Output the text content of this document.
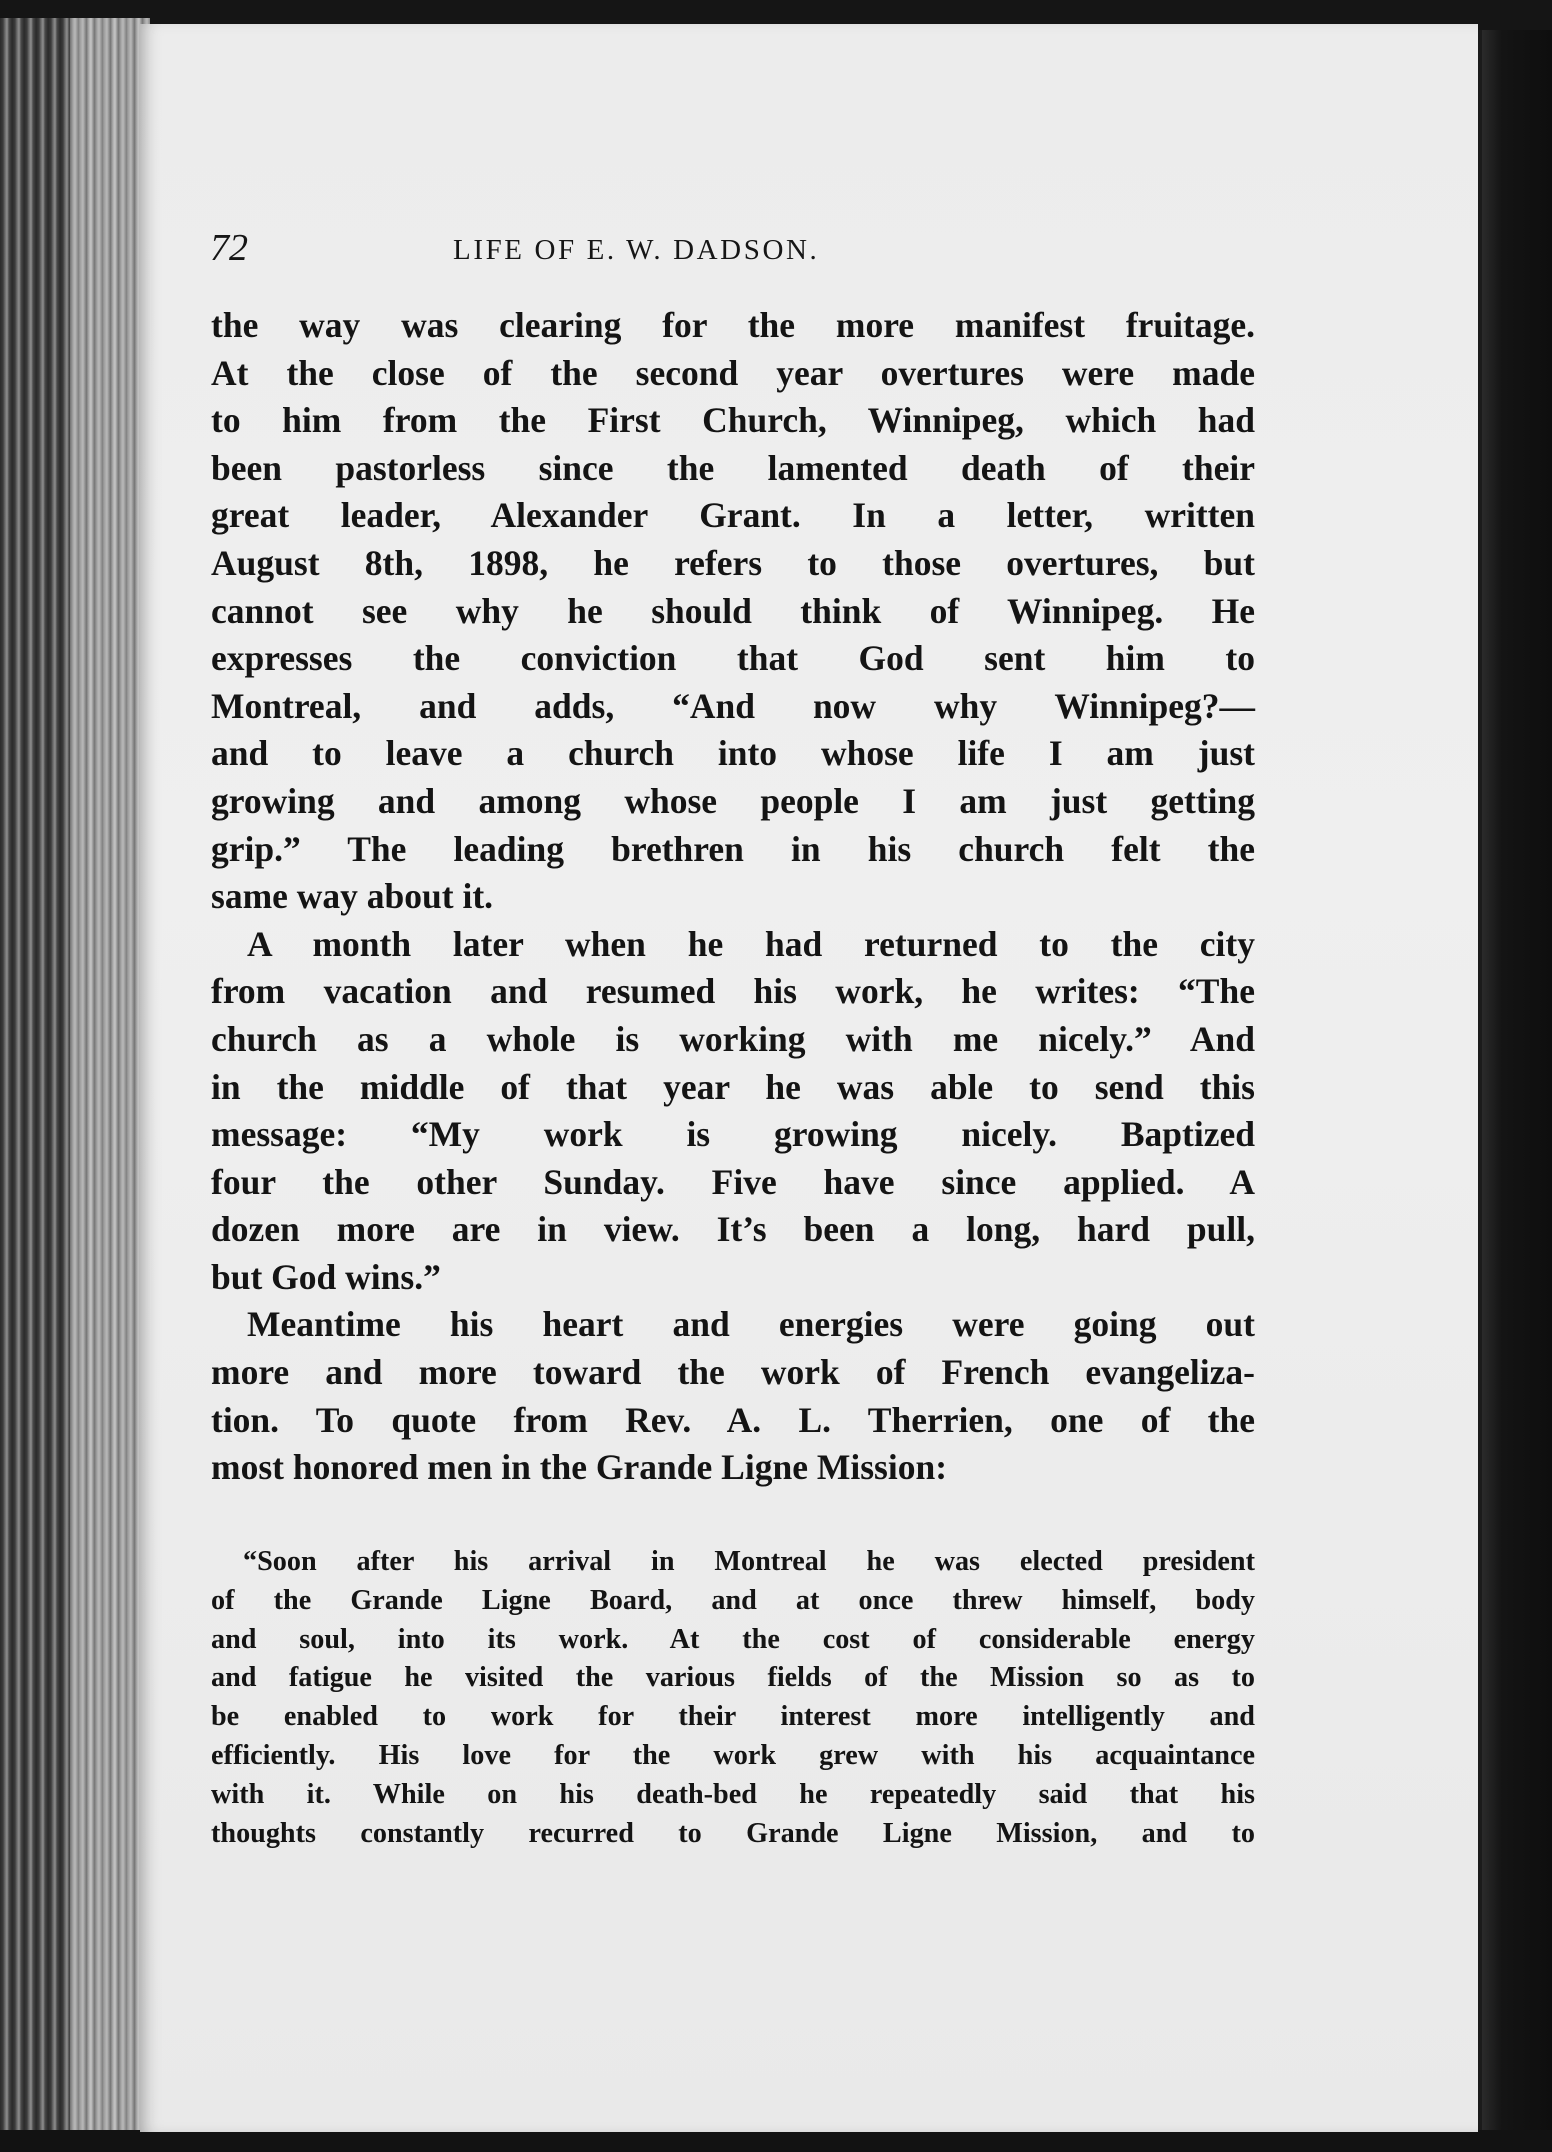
72	LIFE OF E. W. DADSON.

the way was clearing for the more manifest fruitage.
At the close of the second year overtures were made
to him from the First Church, Winnipeg, which had
been pastorless since the lamented death of their
great leader, Alexander Grant. In a letter, written
August 8th, 1898, he refers to those overtures, but
cannot see why he should think of Winnipeg. He
expresses the conviction that God sent him to
Montreal, and adds, “And now why Winnipeg?—
and to leave a church into whose life I am just
growing and among whose people I am just getting
grip.” The leading brethren in his church felt the
same way about it.

A month later when he had returned to the city
from vacation and resumed his work, he writes: “The
church as a whole is working with me nicely.” And
in the middle of that year he was able to send this
message: “My work is growing nicely. Baptized
four the other Sunday. Five have since applied. A
dozen more are in view. It’s been a long, hard pull,
but God wins.”

Meantime his heart and energies were going out
more and more toward the work of French evangeliza-
tion. To quote from Rev. A. L. Therrien, one of the
most honored men in the Grande Ligne Mission:

“Soon after his arrival in Montreal he was elected president
of the Grande Ligne Board, and at once threw himself, body
and soul, into its work. At the cost of considerable energy
and fatigue he visited the various fields of the Mission so as to
be enabled to work for their interest more intelligently and
efficiently. His love for the work grew with his acquaintance
with it. While on his death-bed he repeatedly said that his
thoughts constantly recurred to Grande Ligne Mission, and to
